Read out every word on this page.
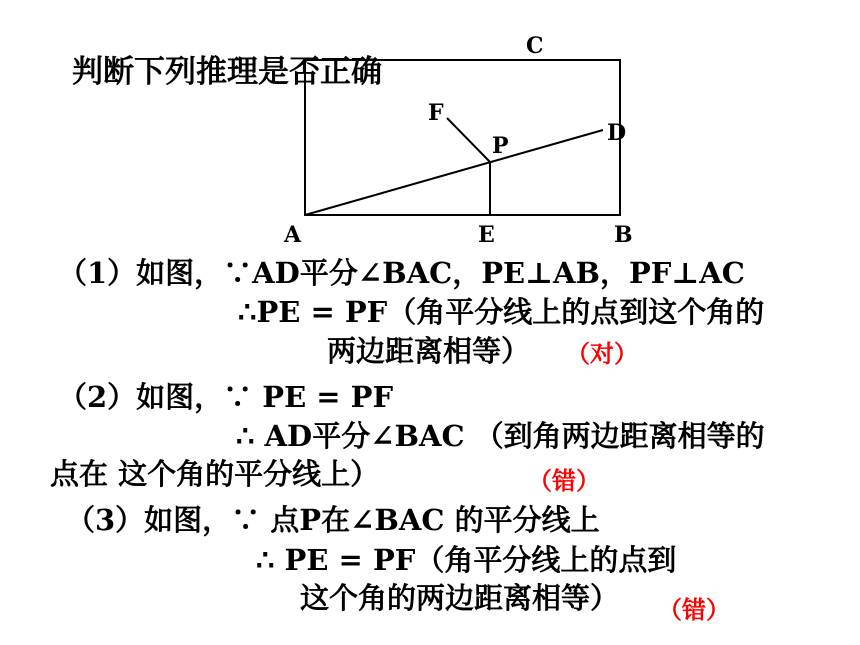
C
F
P	D
A	E	B
判断下列推理是否正确
（1）如图，∵AD平分∠BAC，PE⊥AB，PF⊥AC
∴PE = PF（角平分线上的点到这个角的
两边距离相等） （对）
（2）如图，∵ PE = PF
∴ AD平分∠BAC （到角两边距离相等的
点在 这个角的平分线上）	（错）
（3）如图，∵ 点P在∠BAC 的平分线上
∴ PE = PF（角平分线上的点到
这个角的两边距离相等） （错）
